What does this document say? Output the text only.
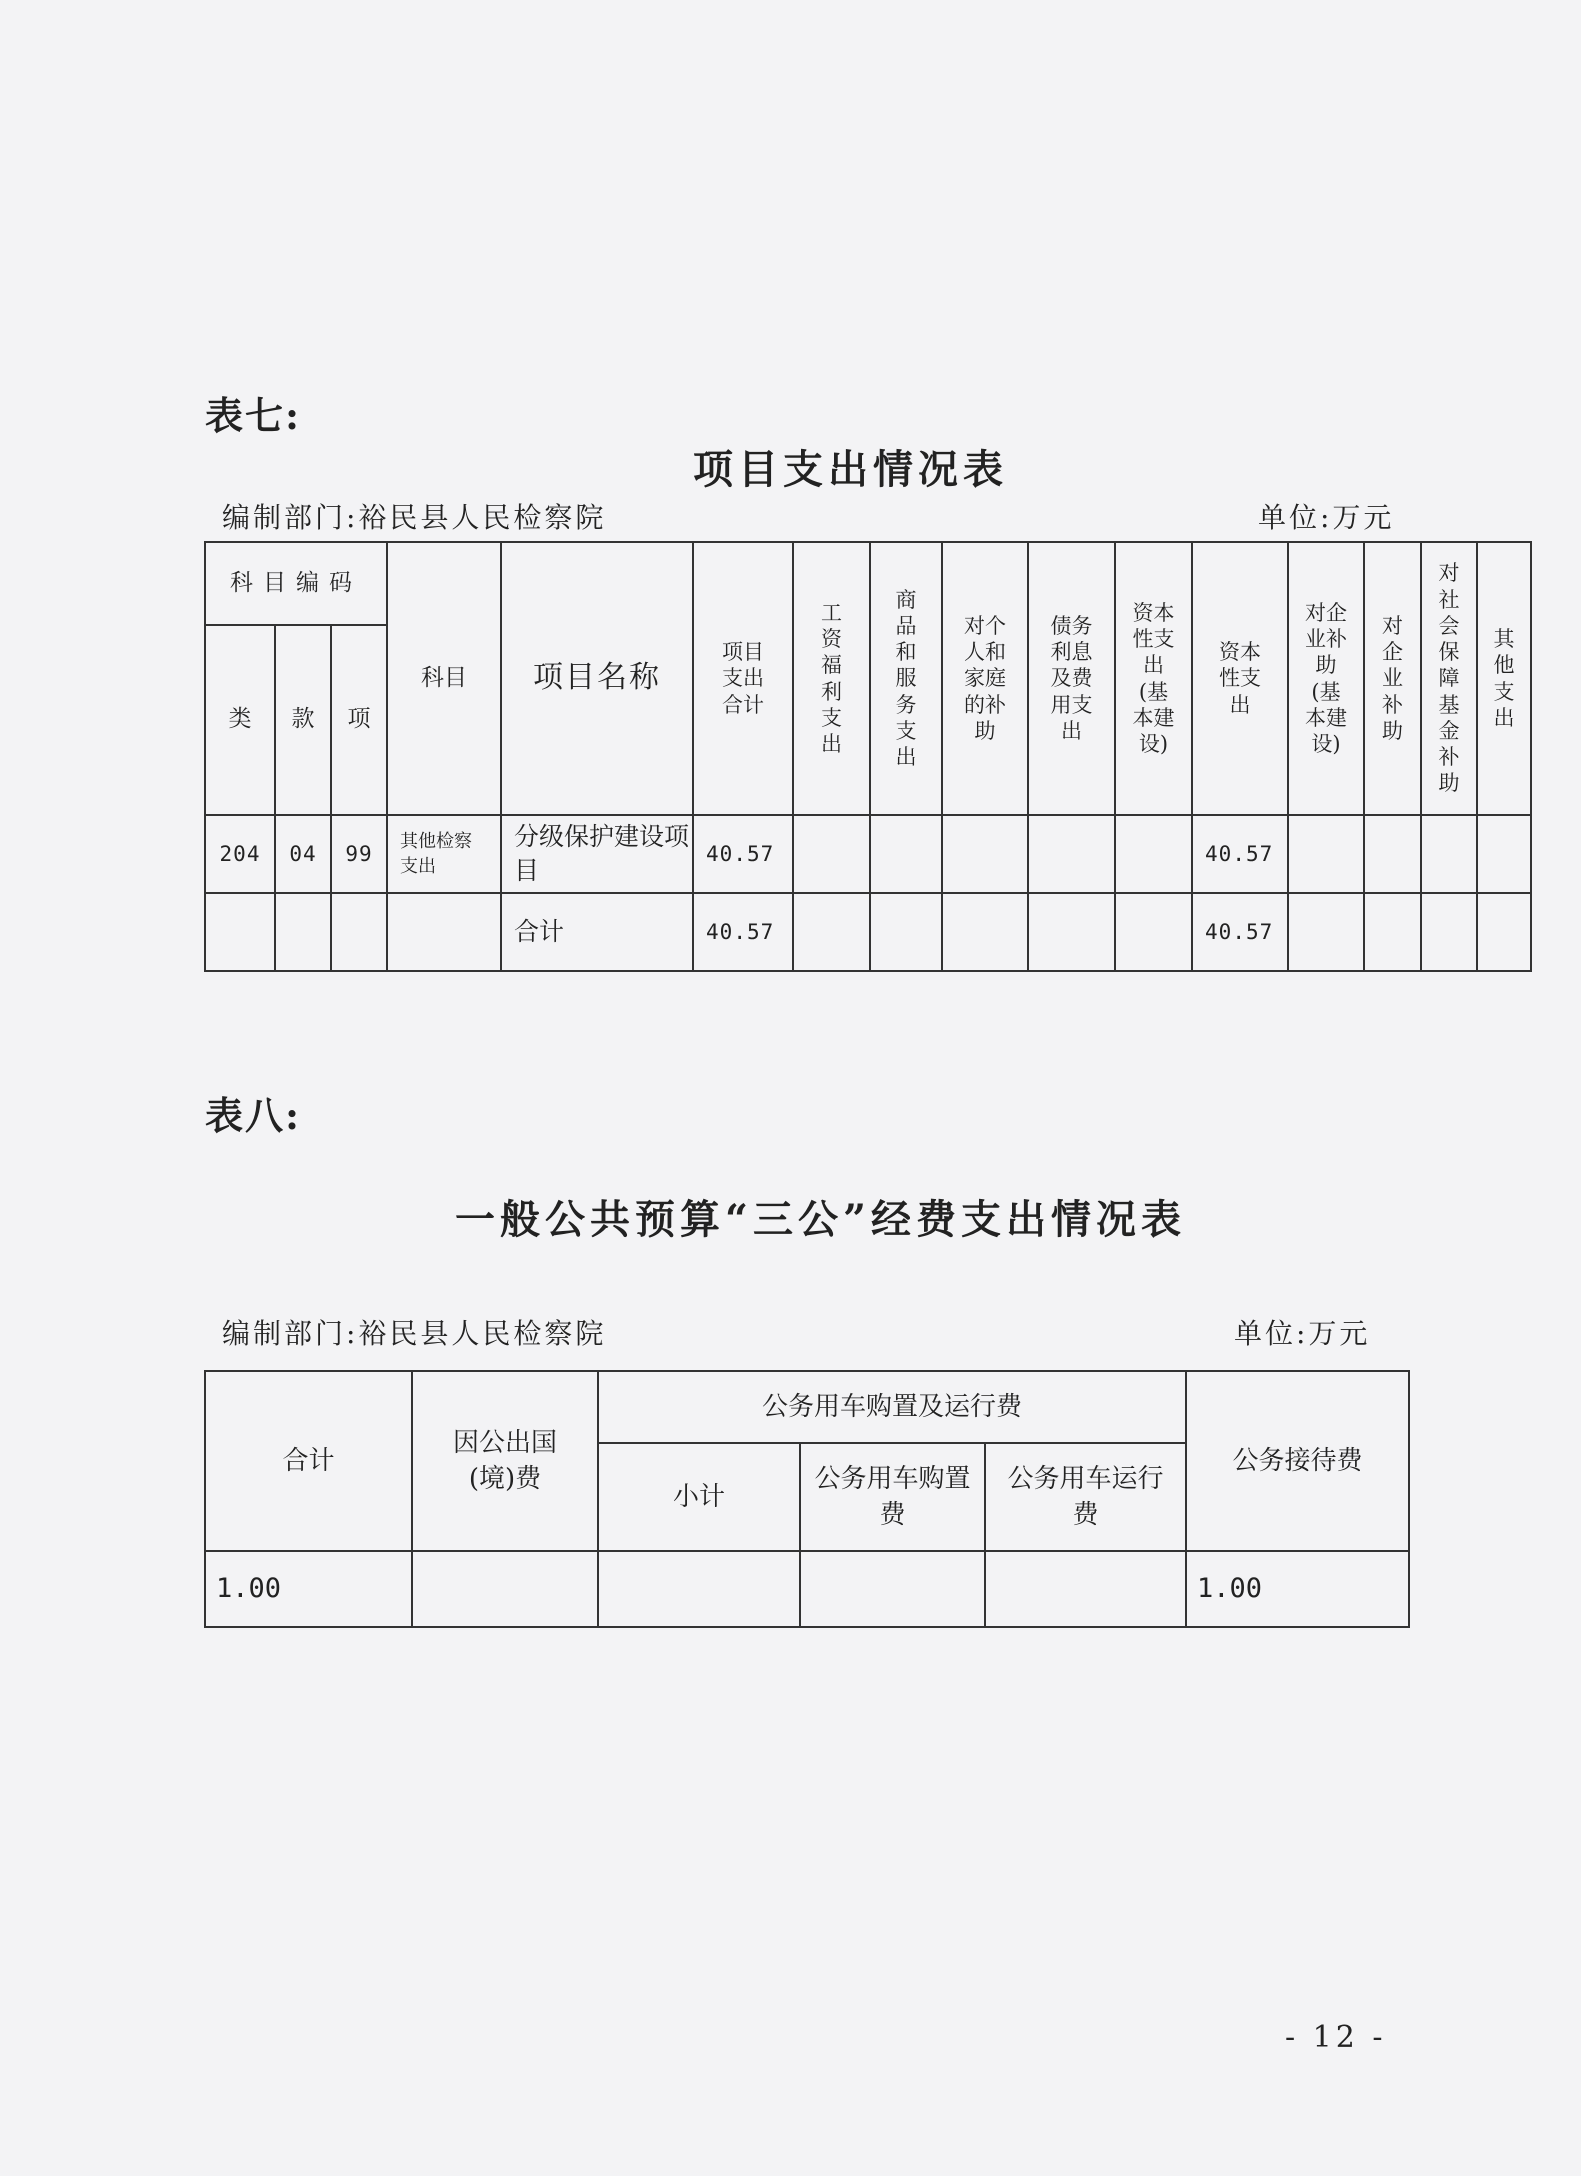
表七:
项目支出情况表
编制部门:裕民县人民检察院	单位:万元
科目编码			科目	项目名称	项目支出合计	工资福利支出	商品和服务支出	对个人和家庭的补助	债务利息及费用支出	资本性支出(基本建设)	资本性支出	对企业补助(基本建设)	对企业补助	对社会保障基金补助	其他支出

类	款	项													
204	04	99	其他检察支出	分级保护建设项目	40.57						40.57				
				合计	40.57						40.57				
表八:
一般公共预算“三公”经费支出情况表
编制部门:裕民县人民检察院	单位:万元
合计	因公出国(境)费	公务用车购置及运行费			公务接待费
		小计	公务用车购置费	公务用车运行费	

1.00					1.00
- 12 -
